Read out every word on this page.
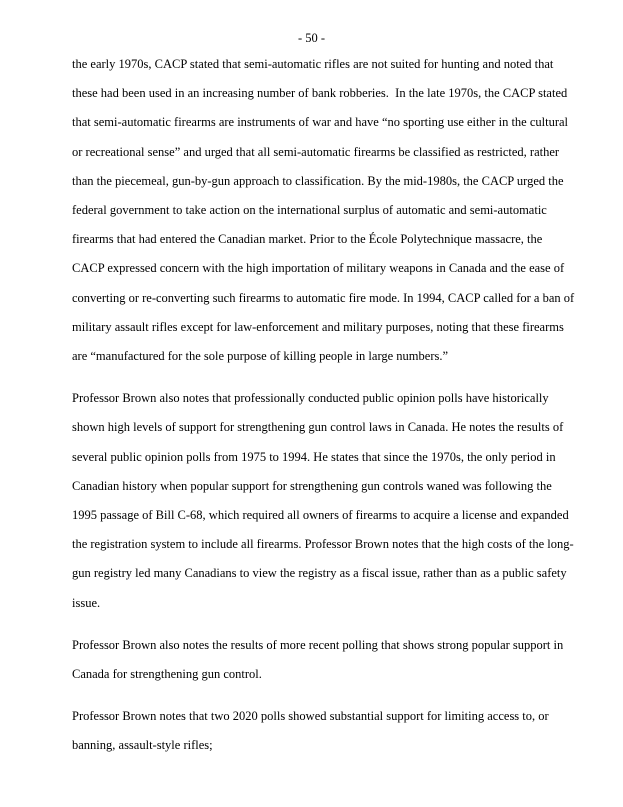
- 50 -

the early 1970s, CACP stated that semi-automatic rifles are not suited for hunting and noted that
these had been used in an increasing number of bank robberies.  In the late 1970s, the CACP stated
that semi-automatic firearms are instruments of war and have “no sporting use either in the cultural
or recreational sense” and urged that all semi-automatic firearms be classified as restricted, rather
than the piecemeal, gun-by-gun approach to classification. By the mid-1980s, the CACP urged the
federal government to take action on the international surplus of automatic and semi-automatic
firearms that had entered the Canadian market. Prior to the École Polytechnique massacre, the
CACP expressed concern with the high importation of military weapons in Canada and the ease of
converting or re-converting such firearms to automatic fire mode. In 1994, CACP called for a ban of
military assault rifles except for law-enforcement and military purposes, noting that these firearms
are “manufactured for the sole purpose of killing people in large numbers.”

Professor Brown also notes that professionally conducted public opinion polls have historically
shown high levels of support for strengthening gun control laws in Canada. He notes the results of
several public opinion polls from 1975 to 1994. He states that since the 1970s, the only period in
Canadian history when popular support for strengthening gun controls waned was following the
1995 passage of Bill C-68, which required all owners of firearms to acquire a license and expanded
the registration system to include all firearms. Professor Brown notes that the high costs of the long-
gun registry led many Canadians to view the registry as a fiscal issue, rather than as a public safety
issue.

Professor Brown also notes the results of more recent polling that shows strong popular support in
Canada for strengthening gun control.

Professor Brown notes that two 2020 polls showed substantial support for limiting access to, or
banning, assault-style rifles;
